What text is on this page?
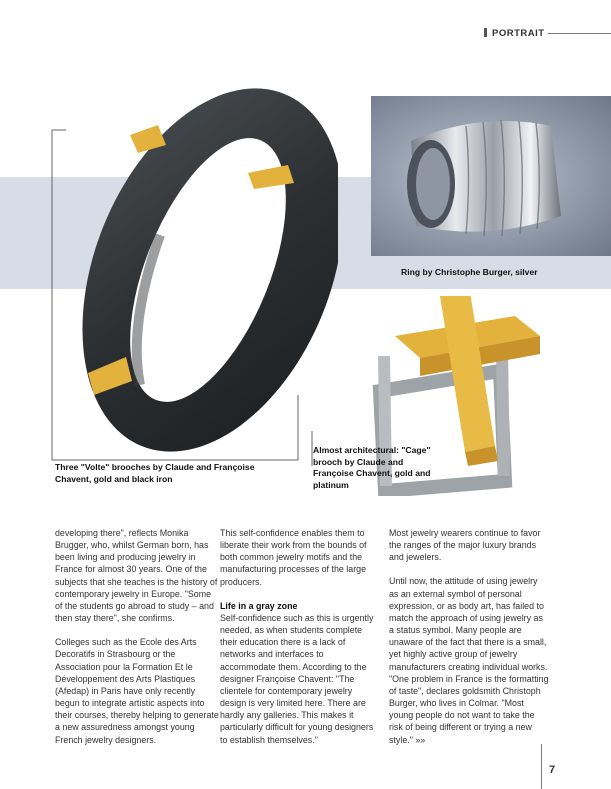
PORTRAIT
Ring by Christophe Burger, silver
Three "Volte" brooches by Claude and Françoise Chavent, gold and black iron
Almost architectural: "Cage" brooch by Claude and Françoise Chavent, gold and platinum

developing there", reflects Monika Brugger, who, whilst German born, has been living and producing jewelry in France for almost 30 years. One of the subjects that she teaches is the history of contemporary jewelry in Europe. "Some of the students go abroad to study – and then stay there", she confirms.

Colleges such as the Ecole des Arts Decoratifs in Strasbourg or the Association pour la Formation Et le Développement des Arts Plastiques (Afedap) in Paris have only recently begun to integrate artistic aspects into their courses, thereby helping to generate a new assuredness amongst young French jewelry designers.

This self-confidence enables them to liberate their work from the bounds of both common jewelry motifs and the manufacturing processes of the large producers.

Life in a gray zone

Self-confidence such as this is urgently needed, as when students complete their education there is a lack of networks and interfaces to accommodate them. According to the designer Françoise Chavent: "The clientele for contemporary jewelry design is very limited here. There are hardly any galleries. This makes it particularly difficult for young designers to establish themselves."

Most jewelry wearers continue to favor the ranges of the major luxury brands and jewelers.

Until now, the attitude of using jewelry as an external symbol of personal expression, or as body art, has failed to match the approach of using jewelry as a status symbol. Many people are unaware of the fact that there is a small, yet highly active group of jewelry manufacturers creating individual works. "One problem in France is the formatting of taste", declares goldsmith Christoph Burger, who lives in Colmar. "Most young people do not want to take the risk of being different or trying a new style." »»

7
